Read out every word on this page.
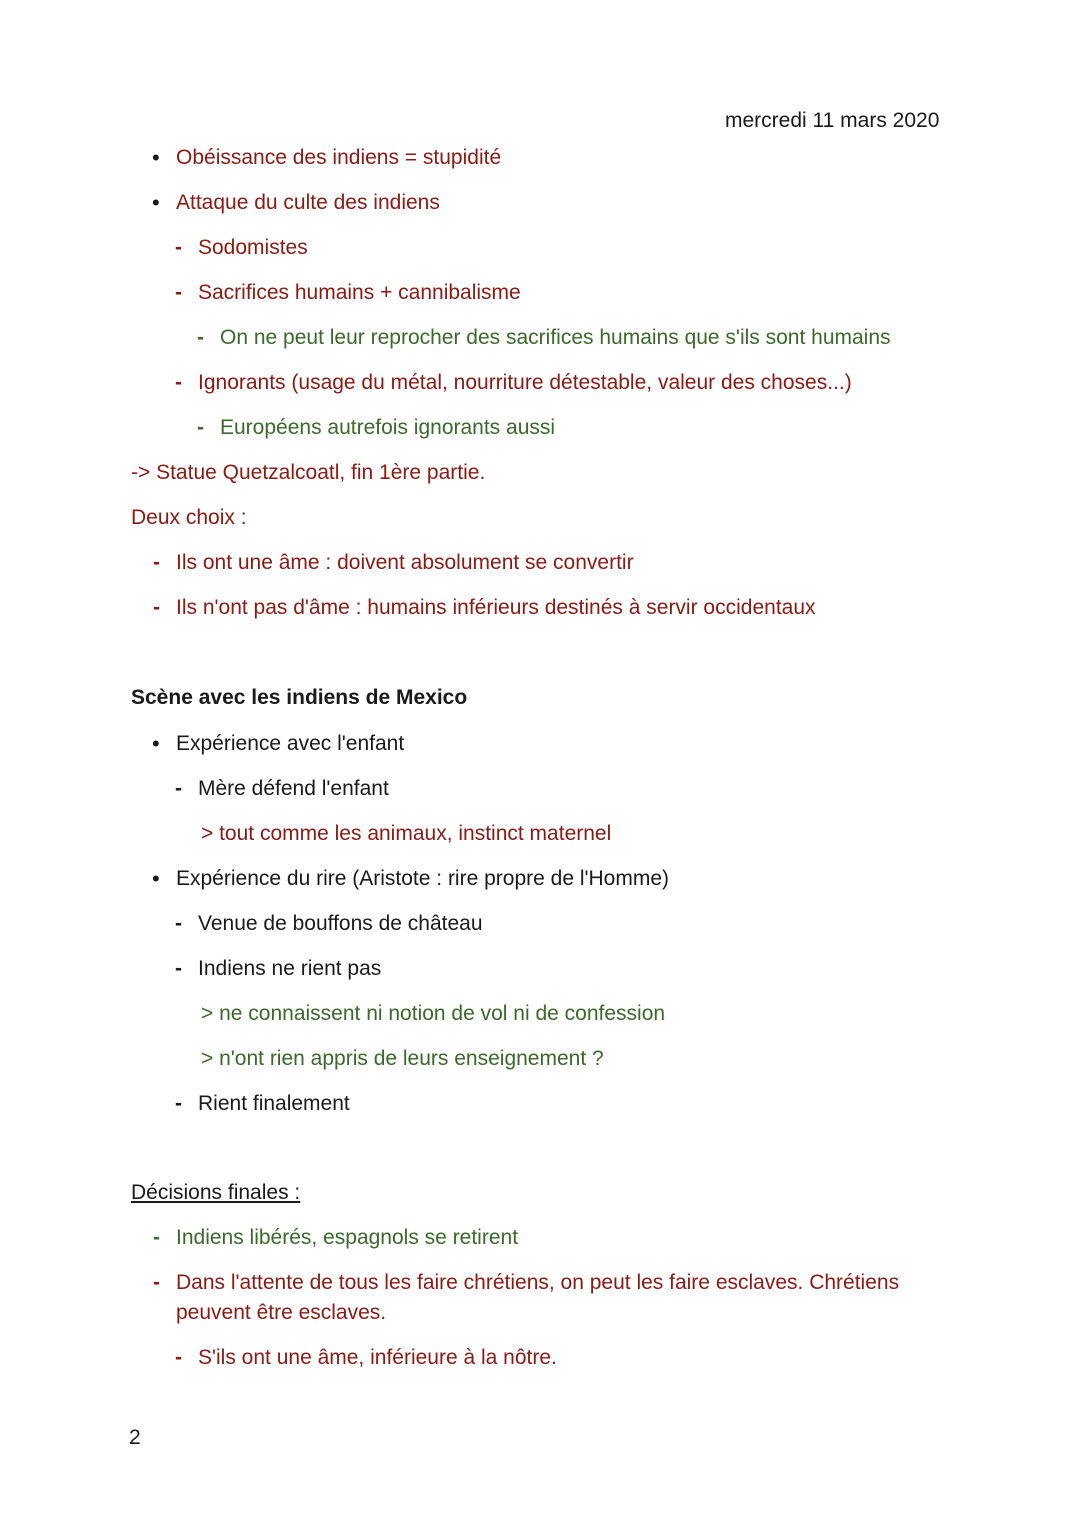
mercredi 11 mars 2020
• Obéissance des indiens = stupidité
• Attaque du culte des indiens
- Sodomistes
- Sacrifices humains + cannibalisme
- On ne peut leur reprocher des sacrifices humains que s'ils sont humains
- Ignorants (usage du métal, nourriture détestable, valeur des choses...)
- Européens autrefois ignorants aussi
-> Statue Quetzalcoatl, fin 1ère partie.
Deux choix :
- Ils ont une âme : doivent absolument se convertir
- Ils n'ont pas d'âme : humains inférieurs destinés à servir occidentaux
Scène avec les indiens de Mexico
• Expérience avec l'enfant
- Mère défend l'enfant
> tout comme les animaux, instinct maternel
• Expérience du rire (Aristote : rire propre de l'Homme)
- Venue de bouffons de château
- Indiens ne rient pas
> ne connaissent ni notion de vol ni de confession
> n'ont rien appris de leurs enseignement ?
- Rient finalement
Décisions finales :
- Indiens libérés, espagnols se retirent
- Dans l'attente de tous les faire chrétiens, on peut les faire esclaves. Chrétiens
peuvent être esclaves.
- S'ils ont une âme, inférieure à la nôtre.
2
